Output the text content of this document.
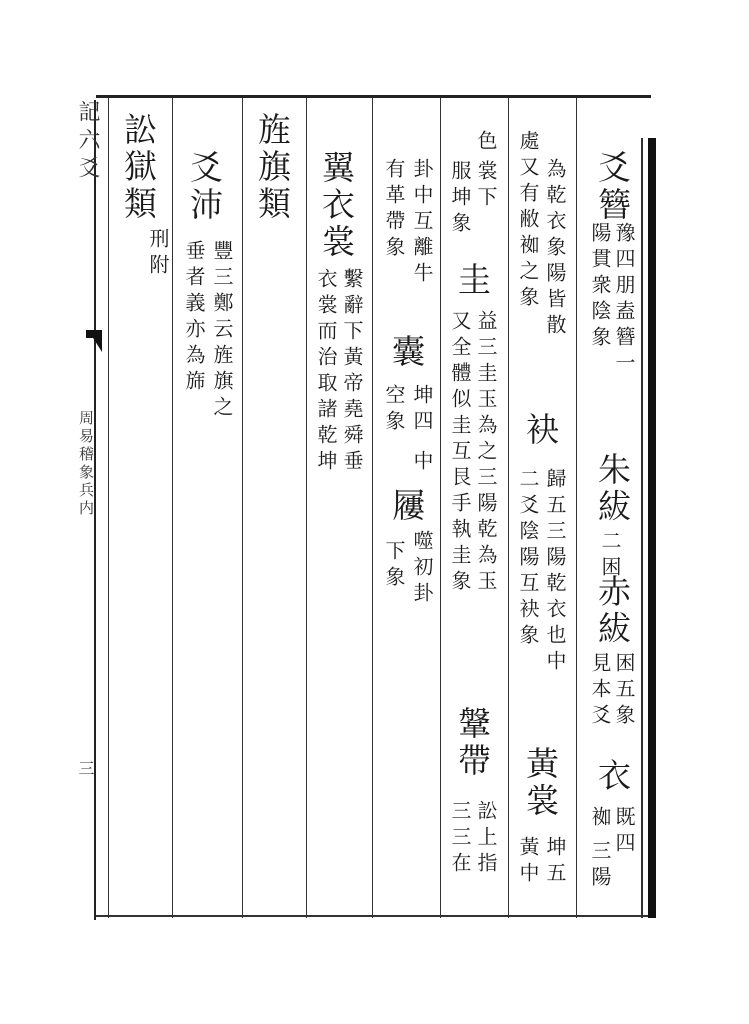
記六爻
周易稽象兵内
三
爻簪
豫四朋盍簪一
陽貫衆陰象
朱紱
二困
赤紱
困五
見本爻 象
衣
袽 既四
三陽
為乾衣象陽皆散
處又有敝袽之象
袂
歸五三陽乾衣也中
二爻陰陽互袂象
黃裳
坤五
黃中
色
裳下
服坤象
圭
益三圭玉為之三陽乾為玉
又全體似圭互艮手執圭象
鞶帶
訟上指
三三在
卦中互離牛
有革帶象
囊
坤四
空象
中
屨
噬初卦
下象
翼衣裳
繫辭下黃帝堯舜垂
衣裳而治取諸乾坤
旌旗類
爻沛
豐三鄭云旌旗之
垂者義亦為旆
訟獄類
刑附
